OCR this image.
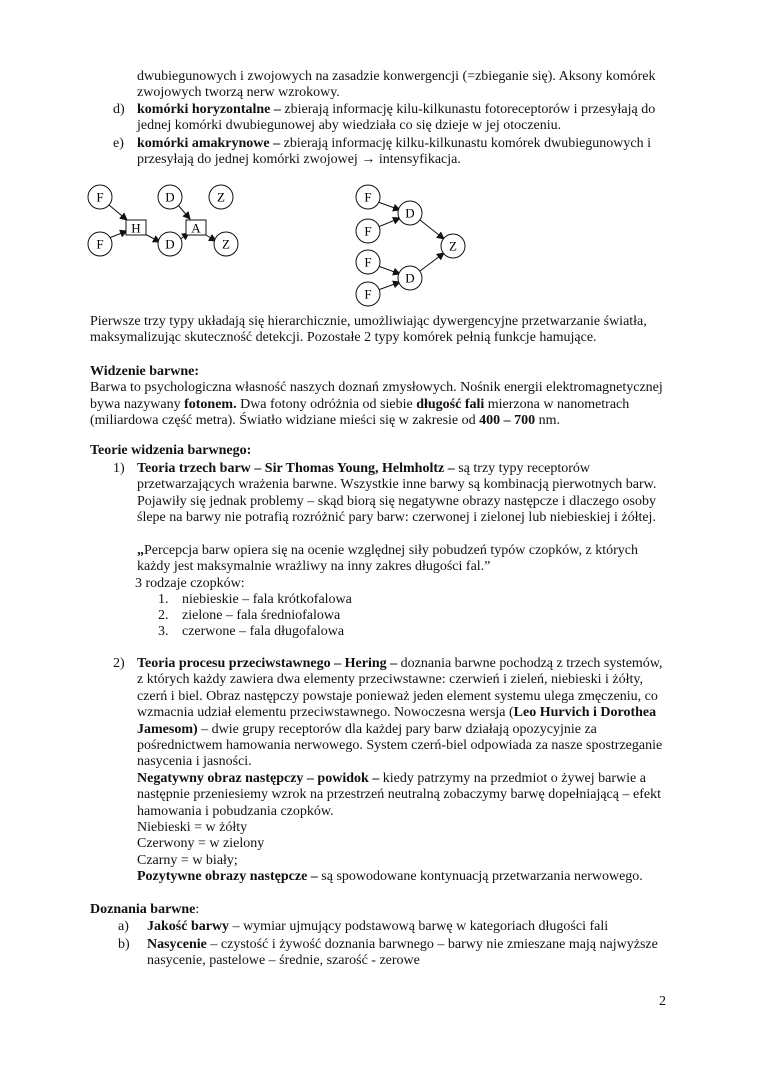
dwubiegunowych i zwojowych na zasadzie konwergencji (=zbieganie się). Aksony komórek
zwojowych tworzą nerw wzrokowy.
d) komórki horyzontalne – zbierają informację kilu-kilkunastu fotoreceptorów i przesyłają do
jednej komórki dwubiegunowej aby wiedziała co się dzieje w jej otoczeniu.
e) komórki amakrynowe – zbierają informację kilku-kilkunastu komórek dwubiegunowych i
przesyłają do jednej komórki zwojowej → intensyfikacja.
Pierwsze trzy typy układają się hierarchicznie, umożliwiając dywergencyjne przetwarzanie światła,
maksymalizując skuteczność detekcji. Pozostałe 2 typy komórek pełnią funkcje hamujące.
Widzenie barwne:
Barwa to psychologiczna własność naszych doznań zmysłowych. Nośnik energii elektromagnetycznej
bywa nazywany fotonem. Dwa fotony odróżnia od siebie długość fali mierzona w nanometrach
(miliardowa część metra). Światło widziane mieści się w zakresie od 400 – 700 nm.
Teorie widzenia barwnego:
1) Teoria trzech barw – Sir Thomas Young, Helmholtz – są trzy typy receptorów
przetwarzających wrażenia barwne. Wszystkie inne barwy są kombinacją pierwotnych barw.
Pojawiły się jednak problemy – skąd biorą się negatywne obrazy następcze i dlaczego osoby
ślepe na barwy nie potrafią rozróżnić pary barw: czerwonej i zielonej lub niebieskiej i żółtej.
„Percepcja barw opiera się na ocenie względnej siły pobudzeń typów czopków, z których
każdy jest maksymalnie wrażliwy na inny zakres długości fal.”
3 rodzaje czopków:
1. niebieskie – fala krótkofalowa
2. zielone – fala średniofalowa
3. czerwone – fala długofalowa
2) Teoria procesu przeciwstawnego – Hering – doznania barwne pochodzą z trzech systemów,
z których każdy zawiera dwa elementy przeciwstawne: czerwień i zieleń, niebieski i żółty,
czerń i biel. Obraz następczy powstaje ponieważ jeden element systemu ulega zmęczeniu, co
wzmacnia udział elementu przeciwstawnego. Nowoczesna wersja (Leo Hurvich i Dorothea
Jamesom) – dwie grupy receptorów dla każdej pary barw działają opozycyjnie za
pośrednictwem hamowania nerwowego. System czerń-biel odpowiada za nasze spostrzeganie
nasycenia i jasności.
Negatywny obraz następczy – powidok – kiedy patrzymy na przedmiot o żywej barwie a
następnie przeniesiemy wzrok na przestrzeń neutralną zobaczymy barwę dopełniającą – efekt
hamowania i pobudzania czopków.
Niebieski = w żółty
Czerwony = w zielony
Czarny = w biały;
Pozytywne obrazy następcze – są spowodowane kontynuacją przetwarzania nerwowego.
Doznania barwne:
a) Jakość barwy – wymiar ujmujący podstawową barwę w kategoriach długości fali
b) Nasycenie – czystość i żywość doznania barwnego – barwy nie zmieszane mają najwyższe
nasycenie, pastelowe – średnie, szarość - zerowe
F	D	Z
F
H
D
A
Z
F
D
F
Z
F
D
F
2
